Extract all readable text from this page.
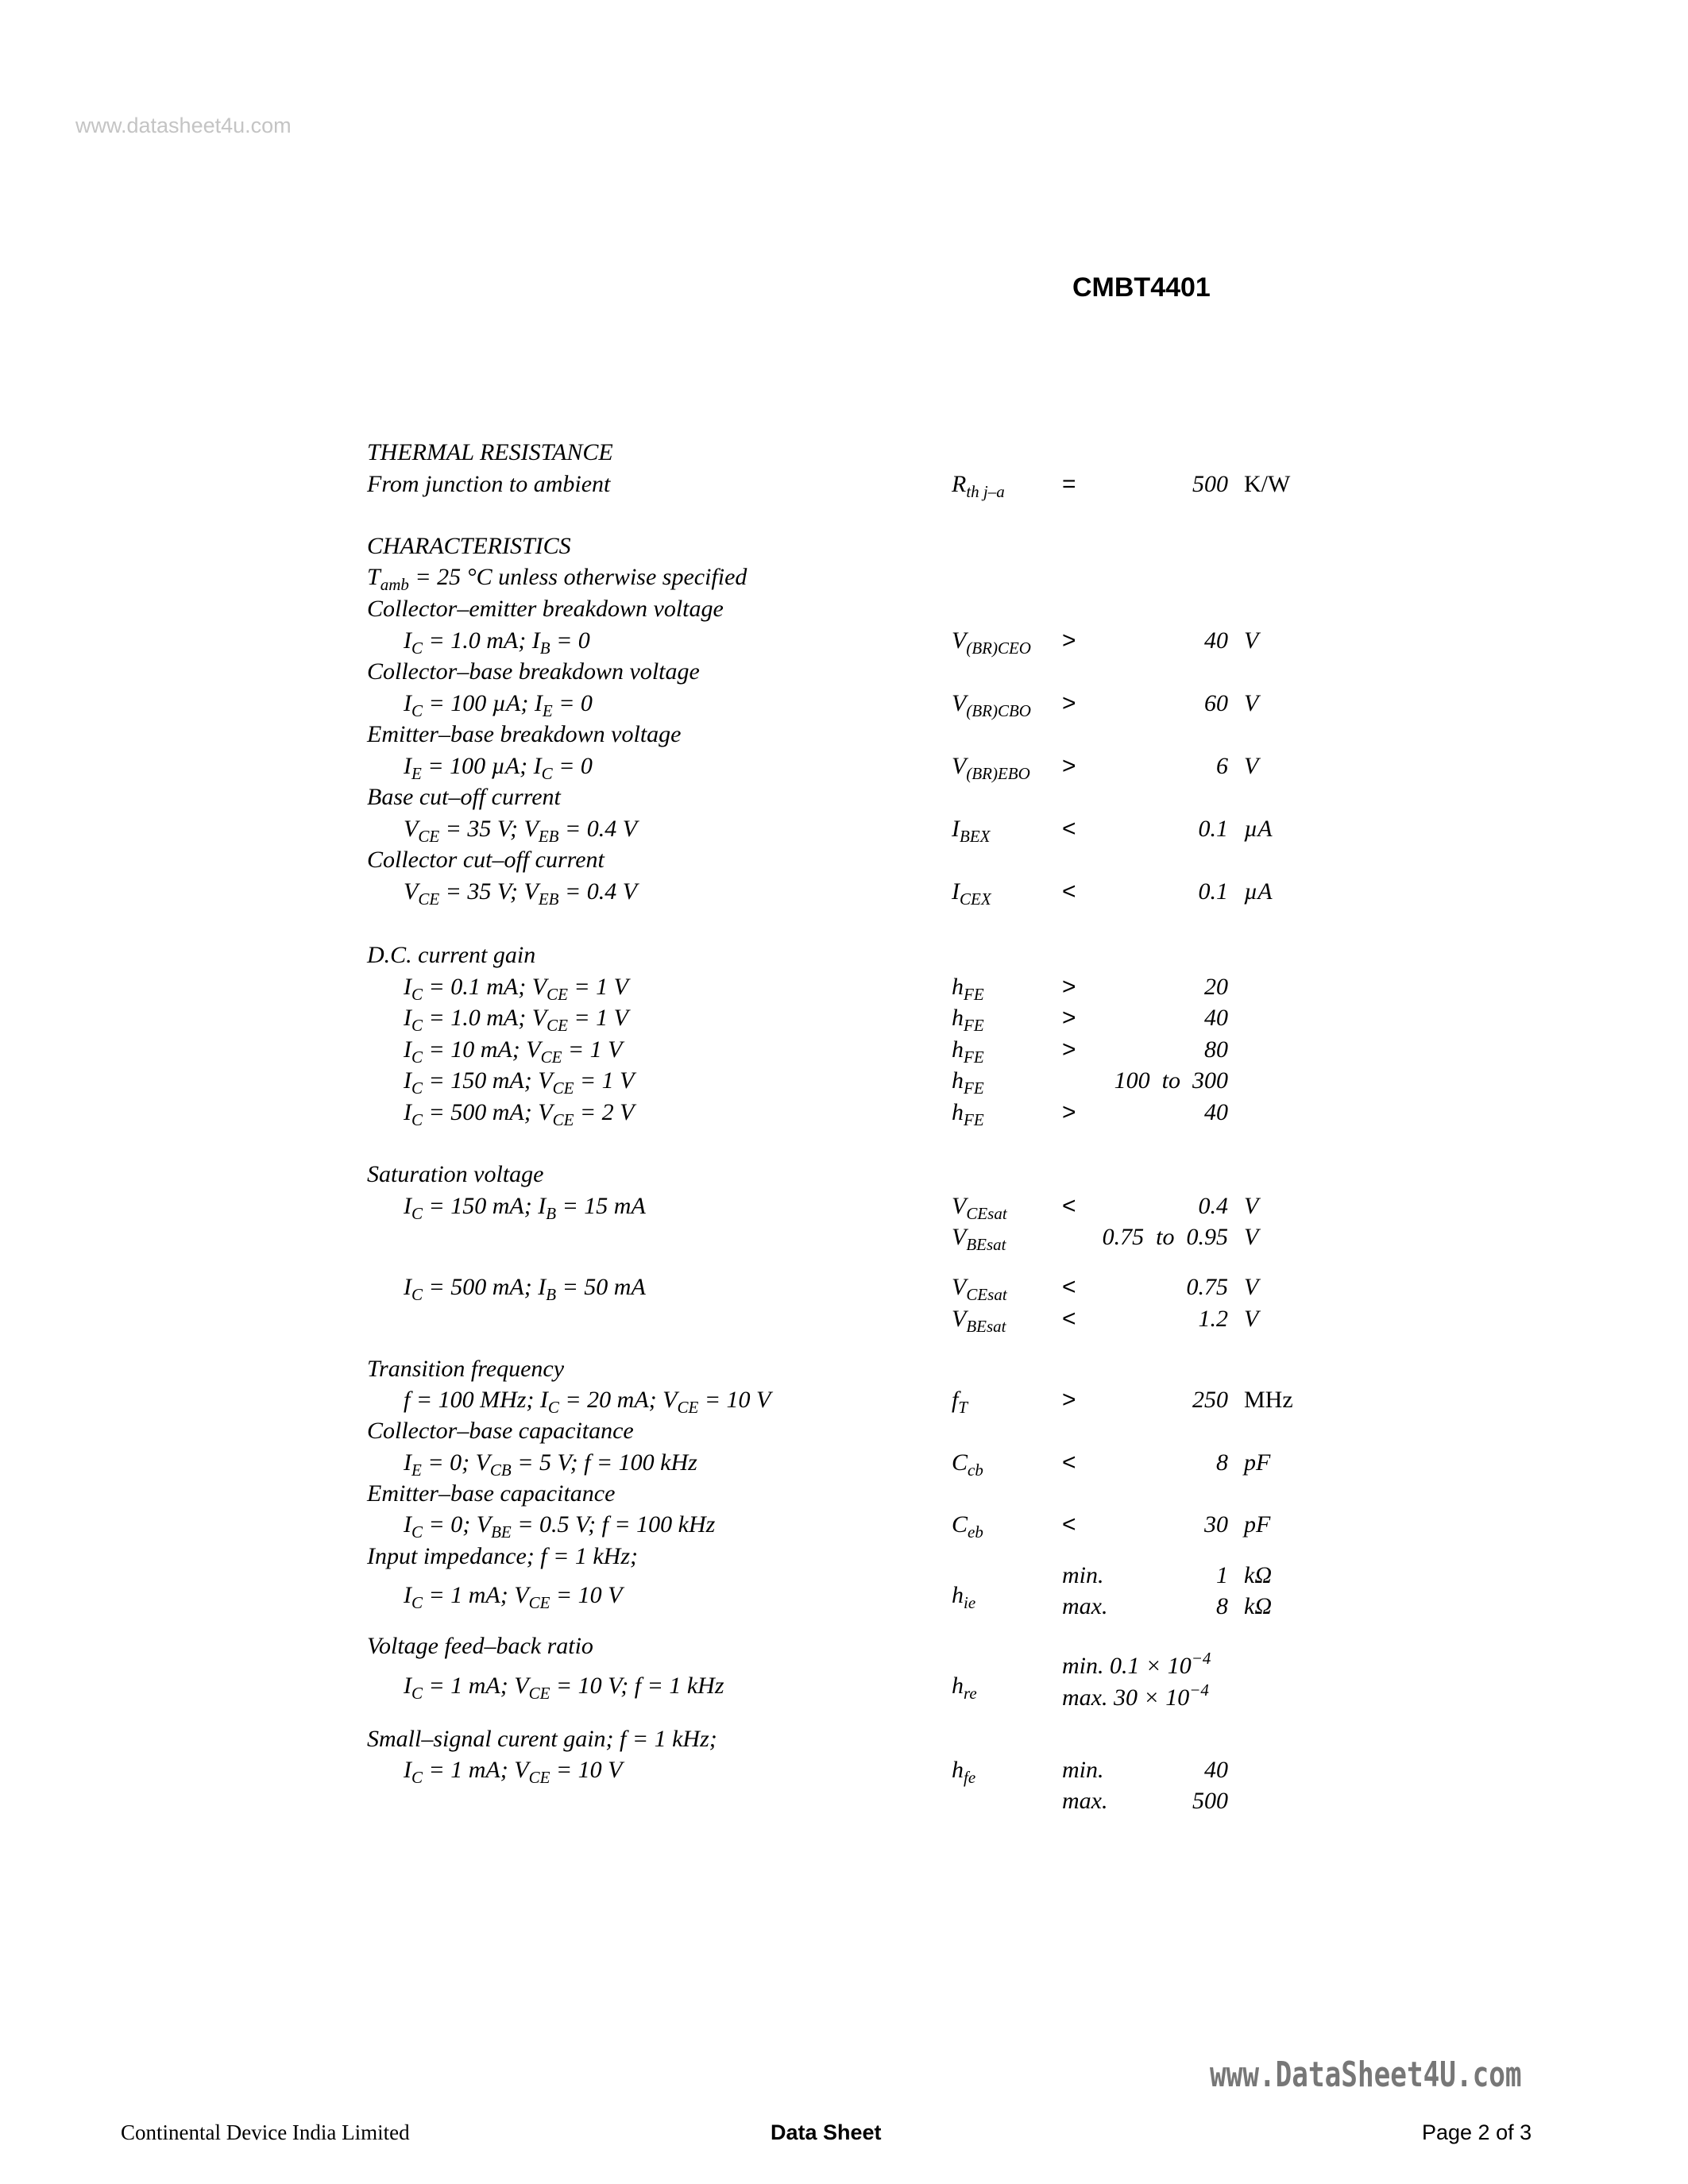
www.datasheet4u.com
CMBT4401
THERMAL RESISTANCE
From junction to ambient	$R_{th j-a}$ =	500 K/W
CHARACTERISTICS
$T_{amb} = 25$ °C unless otherwise specified
Collector–emitter breakdown voltage
$I_C = 1.0$ mA; $I_B = 0$	$V_{(BR)CEO}$ >	40 V
Collector–base breakdown voltage
$I_C = 100$ µA; $I_E = 0$	$V_{(BR)CBO}$ >	60 V
Emitter–base breakdown voltage
$I_E = 100$ µA; $I_C = 0$	$V_{(BR)EBO}$ >	6 V
Base cut–off current
$V_{CE} = 35$ V; $V_{EB} = 0.4$ V	$I_{BEX}$	<	0.1 µA
Collector cut–off current
$V_{CE} = 35$ V; $V_{EB} = 0.4$ V	$I_{CEX}$	<	0.1 µA
D.C. current gain
$I_C = 0.1$ mA; $V_{CE} = 1$ V	$h_{FE}$	>	20
$I_C = 1.0$ mA; $V_{CE} = 1$ V	$h_{FE}$	>	40
$I_C = 10$ mA; $V_{CE} = 1$ V	$h_{FE}$	>	80
$I_C = 150$ mA; $V_{CE} = 1$ V	$h_{FE}$	100  to  300
$I_C = 500$ mA; $V_{CE} = 2$ V	$h_{FE}$	>	40
Saturation voltage
$I_C = 150$ mA; $I_B = 15$ mA	$V_{CEsat}$ <	0.4 V
$V_{BEsat}$	0.75  to  0.95 V
$I_C = 500$ mA; $I_B = 50$ mA	$V_{CEsat}$ <	0.75 V
$V_{BEsat}$ <	1.2 V
Transition frequency
f = 100 MHz; $I_C = 20$ mA; $V_{CE} = 10$ V	$f_T$	>	250 MHz
Collector–base capacitance
$I_E = 0$; $V_{CB} = 5$ V; f = 100 kHz	$C_{cb}$	<	8 pF
Emitter–base capacitance
$I_C = 0$; $V_{BE} = 0.5$ V; f = 100 kHz	$C_{eb}$	<	30 pF
Input impedance; f = 1 kHz;
$I_C = 1$ mA; $V_{CE} = 10$ V	$h_{ie}$
min.	1 kΩ
max.	8 kΩ
Voltage feed–back ratio
$I_C = 1$ mA; $V_{CE} = 10$ V; f = 1 kHz	$h_{re}$
min. $0.1 \times 10^{-4}$
max. $30 \times 10^{-4}$
Small–signal curent gain; f = 1 kHz;
$I_C = 1$ mA; $V_{CE} = 10$ V	$h_{fe}$	min.	40
max.	500
www.DataSheet4U.com
Continental Device India Limited	Data Sheet	Page 2 of 3
